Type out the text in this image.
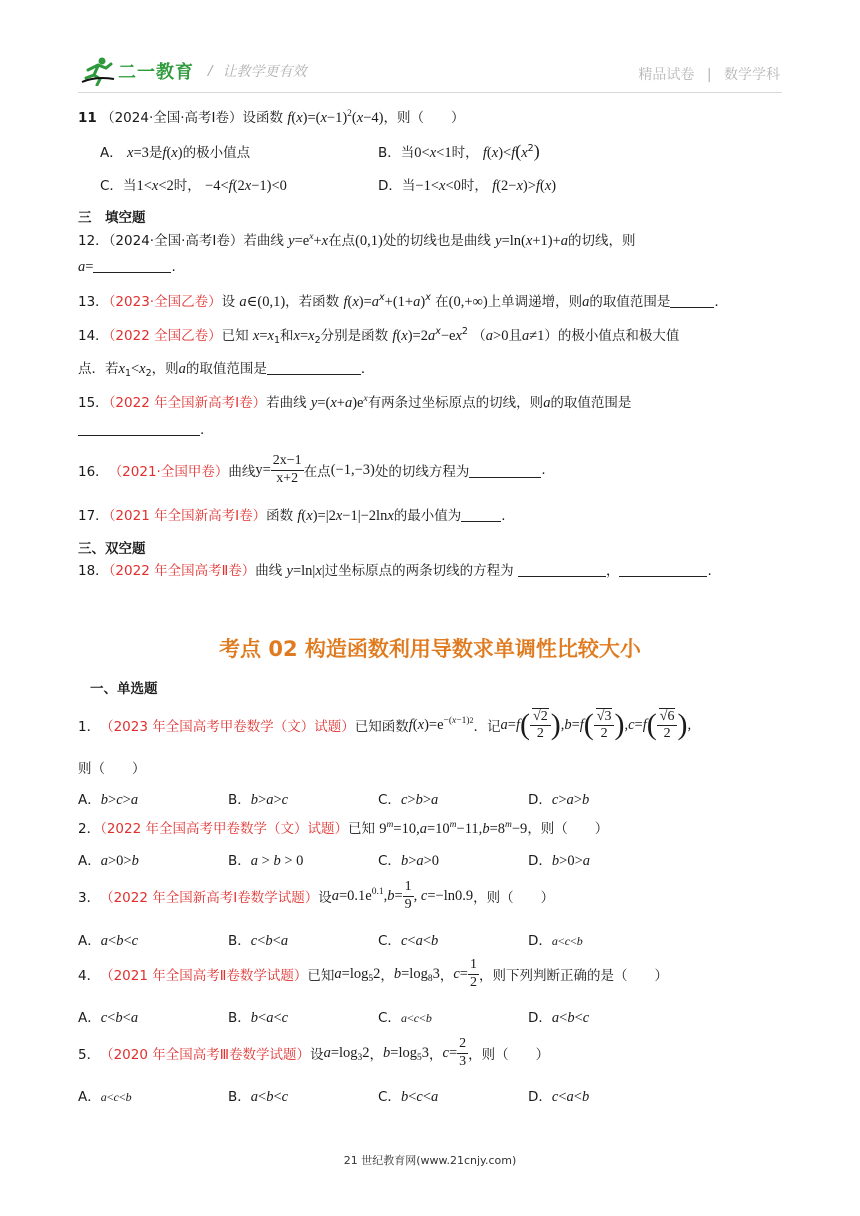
二一教育 / 让教学更有效	精品试卷 | 数学学科
11 （2024·全国·高考Ⅰ卷）设函数 $f(x)=(x-1)^2(x-4)$，则（　　）
A． x=3是f(x)的极小值点	B．当0<x<1时， $f(x)<f(x^2)$
C．当1<x<2时， −4<f(2x−1)<0	D．当−1<x<0时， f(2−x)>f(x)
三　填空题
12．（2024·全国·高考Ⅰ卷）若曲线 $y=e^x+x$在点(0,1)处的切线也是曲线 y=ln(x+1)+a的切线，则
a=	.
13．（2023·全国乙卷）设 a∈(0,1)，若函数 $f(x)=a^x+(1+a)^x$ 在(0,+∞)上单调递增，则a的取值范围是	.
14．（2022 全国乙卷）已知 $x=x_1$和$x=x_2$分别是函数 $f(x)=2a^x-ex^2$ （a>0且a≠1）的极小值点和极大值
点．若$x_1<x_2$，则a的取值范围是	．
15．（2022 年全国新高考Ⅰ卷）若曲线 $y=(x+a)e^x$有两条过坐标原点的切线，则a的取值范围是
.
16． （2021·全国甲卷） 曲线 $y= \frac{2x-1}{x+2}$ 在点 (−1,−3) 处的切线方程为	.
17．（2021 年全国新高考Ⅰ卷）函数 f(x)=|2x−1|−2lnx的最小值为	.
三、双空题
18．（2022 年全国高考Ⅱ卷）曲线 y=ln|x|过坐标原点的两条切线的方程为	，	.
考点 02 构造函数利用导数求单调性比较大小
一、单选题
1． （2023 年全国高考甲卷数学（文）试题） 已知函数 f ( x )$=e^{-(x-1)2}$ ．记 a = f ( $\frac{√2}{2}$ ) , b = f ( $\frac{√3}{2}$ ) , c = f ( $\frac{√6}{2}$ ) ,
则（　　）
A．b>c>a	B．b>a>c	C．c>b>a	D．c>a>b
2．（2022 年全国高考甲卷数学（文）试题）已知 $9^m=10,a=10^m-11,b=8^m-9$，则（　　）
A．a>0>b	B．a > b > 0	C．b>a>0	D．b>0>a
3． （2022 年全国新高考Ⅰ卷数学试题） 设 $a =0.1e^{0.1}$, $b = \frac{1}{9}$ , c =−ln0.9 ，则（　　）
A．a<b<c	B．c<b<a	C．c<a<b	D．a<c<b
4． （2021 年全国高考Ⅱ卷数学试题） 已知 $a =\log_52$ ， $b =\log_83$ ， $c = \frac{1}{2}$ ，则下列判断正确的是（　　）
A．c<b<a	B．b<a<c	C．a<c<b	D．a<b<c
5． （2020 年全国高考Ⅲ卷数学试题） 设 $a =\log_32$ ， $b =\log_53$ ， $c = \frac{2}{3}$ ，则（　　）
A．a<c<b	B．a<b<c	C．b<c<a	D．c<a<b
21 世纪教育网(www.21cnjy.com)
